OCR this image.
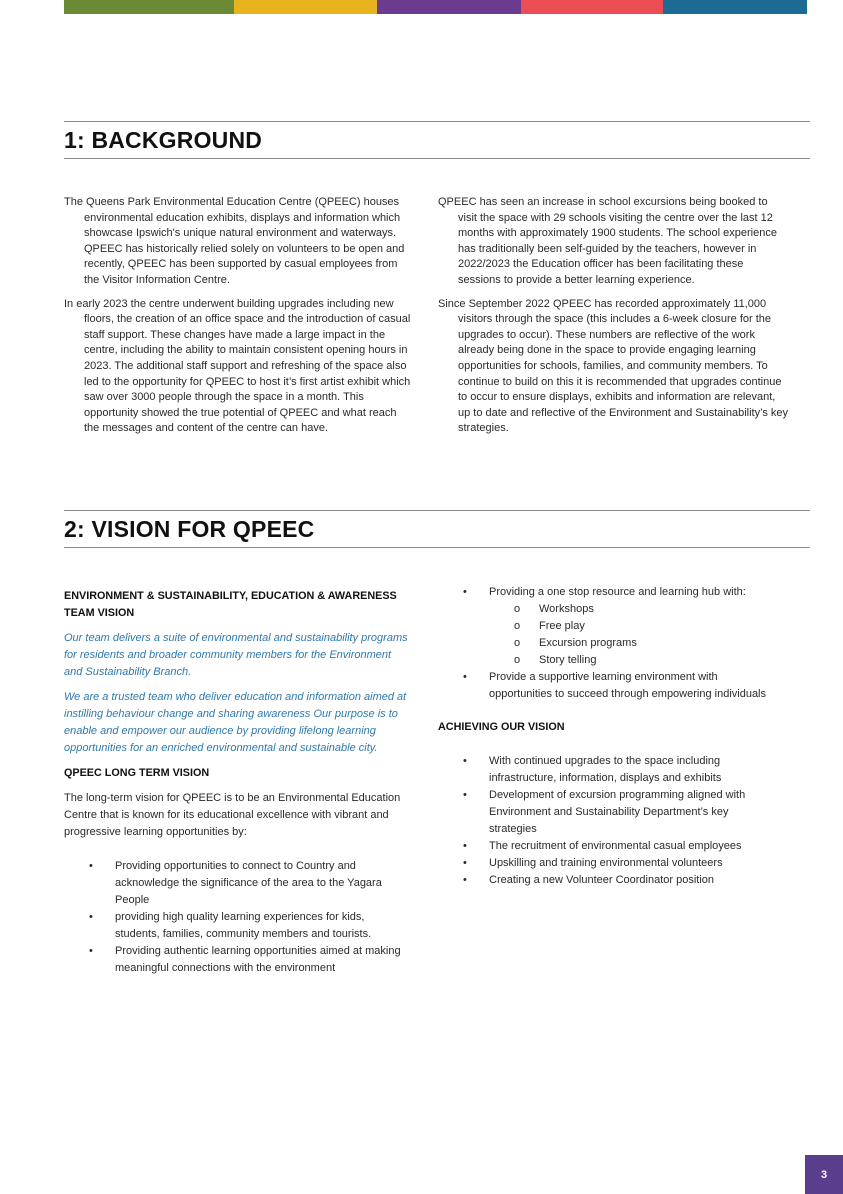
1: BACKGROUND

The Queens Park Environmental Education Centre (QPEEC) houses environmental education exhibits, displays and information which showcase Ipswich's unique natural environment and waterways. QPEEC has historically relied solely on volunteers to be open and recently, QPEEC has been supported by casual employees from the Visitor Information Centre.

In early 2023 the centre underwent building upgrades including new floors, the creation of an office space and the introduction of casual staff support. These changes have made a large impact in the centre, including the ability to maintain consistent opening hours in 2023. The additional staff support and refreshing of the space also led to the opportunity for QPEEC to host it’s first artist exhibit which saw over 3000 people through the space in a month. This opportunity showed the true potential of QPEEC and what reach the messages and content of the centre can have.

QPEEC has seen an increase in school excursions being booked to visit the space with 29 schools visiting the centre over the last 12 months with approximately 1900 students. The school experience has traditionally been self-guided by the teachers, however in 2022/2023 the Education officer has been facilitating these sessions to provide a better learning experience.

Since September 2022 QPEEC has recorded approximately 11,000 visitors through the space (this includes a 6-week closure for the upgrades to occur). These numbers are reflective of the work already being done in the space to provide engaging learning opportunities for schools, families, and community members. To continue to build on this it is recommended that upgrades continue to occur to ensure displays, exhibits and information are relevant, up to date and reflective of the Environment and Sustainability’s key strategies.

2: VISION FOR QPEEC

ENVIRONMENT & SUSTAINABILITY, EDUCATION & AWARENESS TEAM VISION

Our team delivers a suite of environmental and sustainability programs for residents and broader community members for the Environment and Sustainability Branch.

We are a trusted team who deliver education and information aimed at instilling behaviour change and sharing awareness Our purpose is to enable and empower our audience by providing lifelong learning opportunities for an enriched environmental and sustainable city.

QPEEC LONG TERM VISION

The long-term vision for QPEEC is to be an Environmental Education Centre that is known for its educational excellence with vibrant and progressive learning opportunities by:

• Providing opportunities to connect to Country and acknowledge the significance of the area to the Yagara People
• providing high quality learning experiences for kids, students, families, community members and tourists.
• Providing authentic learning opportunities aimed at making meaningful connections with the environment
• Providing a one stop resource and learning hub with:
o Workshops
o Free play
o Excursion programs
o Story telling
• Provide a supportive learning environment with opportunities to succeed through empowering individuals

ACHIEVING OUR VISION

• With continued upgrades to the space including infrastructure, information, displays and exhibits
• Development of excursion programming aligned with Environment and Sustainability Department’s key strategies
• The recruitment of environmental casual employees
• Upskilling and training environmental volunteers
• Creating a new Volunteer Coordinator position
3
